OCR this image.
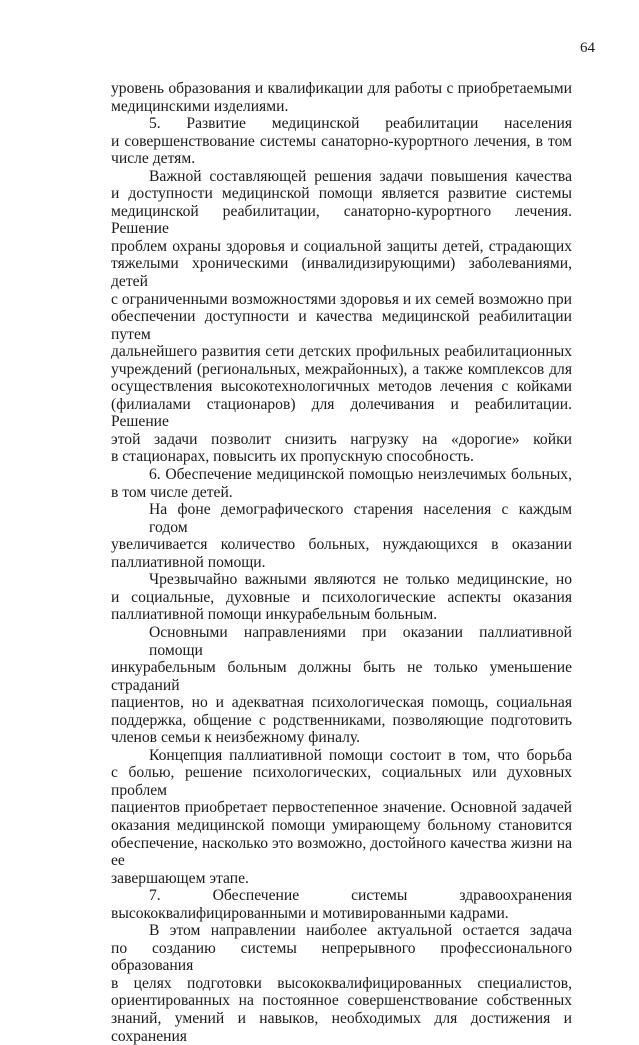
64

уровень образования и квалификации для работы с приобретаемыми
медицинскими изделиями.

5. Развитие медицинской реабилитации населения
и совершенствование системы санаторно-курортного лечения, в том
числе детям.

Важной составляющей решения задачи повышения качества
и доступности медицинской помощи является развитие системы
медицинской реабилитации, санаторно-курортного лечения. Решение
проблем охраны здоровья и социальной защиты детей, страдающих
тяжелыми хроническими (инвалидизирующими) заболеваниями, детей
с ограниченными возможностями здоровья и их семей возможно при
обеспечении доступности и качества медицинской реабилитации путем
дальнейшего развития сети детских профильных реабилитационных
учреждений (региональных, межрайонных), а также комплексов для
осуществления высокотехнологичных методов лечения с койками
(филиалами стационаров) для долечивания и реабилитации. Решение
этой задачи позволит снизить нагрузку на «дорогие» койки
в стационарах, повысить их пропускную способность.

6. Обеспечение медицинской помощью неизлечимых больных,
в том числе детей.

На фоне демографического старения населения с каждым годом
увеличивается количество больных, нуждающихся в оказании
паллиативной помощи.

Чрезвычайно важными являются не только медицинские, но
и социальные, духовные и психологические аспекты оказания
паллиативной помощи инкурабельным больным.

Основными направлениями при оказании паллиативной помощи
инкурабельным больным должны быть не только уменьшение страданий
пациентов, но и адекватная психологическая помощь, социальная
поддержка, общение с родственниками, позволяющие подготовить
членов семьи к неизбежному финалу.

Концепция паллиативной помощи состоит в том, что борьба
с болью, решение психологических, социальных или духовных проблем
пациентов приобретает первостепенное значение. Основной задачей
оказания медицинской помощи умирающему больному становится
обеспечение, насколько это возможно, достойного качества жизни на ее
завершающем этапе.

7. Обеспечение системы здравоохранения
высококвалифицированными и мотивированными кадрами.

В этом направлении наиболее актуальной остается задача
по созданию системы непрерывного профессионального образования
в целях подготовки высококвалифицированных специалистов,
ориентированных на постоянное совершенствование собственных
знаний, умений и навыков, необходимых для достижения и сохранения
